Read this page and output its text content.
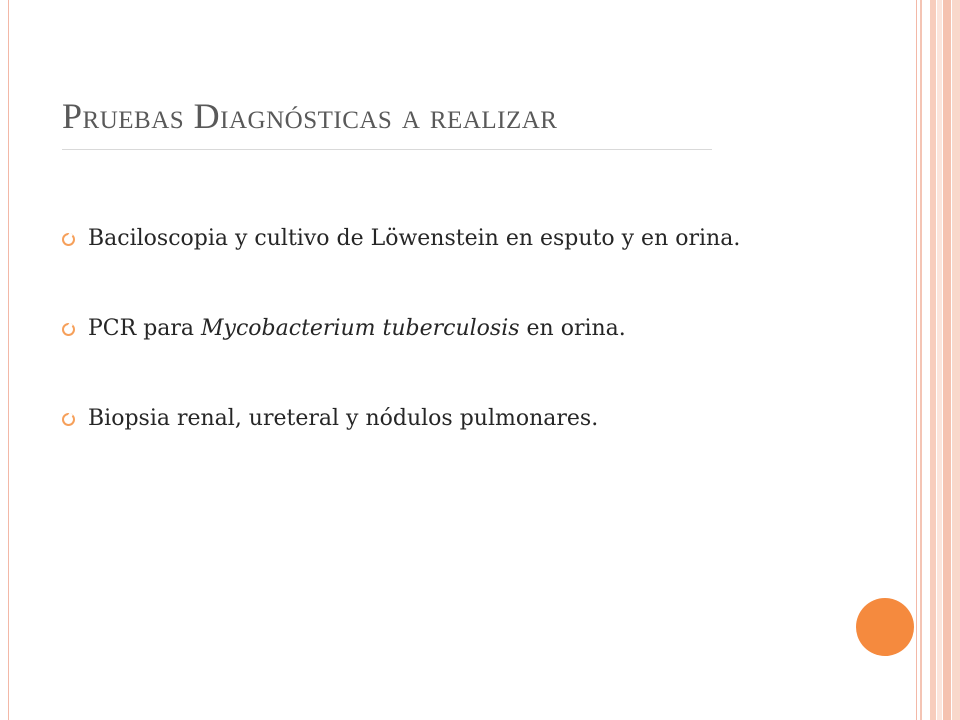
Pruebas Diagnósticas a realizar
Baciloscopia y cultivo de Löwenstein en esputo y en orina.
PCR para Mycobacterium tuberculosis en orina.
Biopsia renal, ureteral y nódulos pulmonares.
